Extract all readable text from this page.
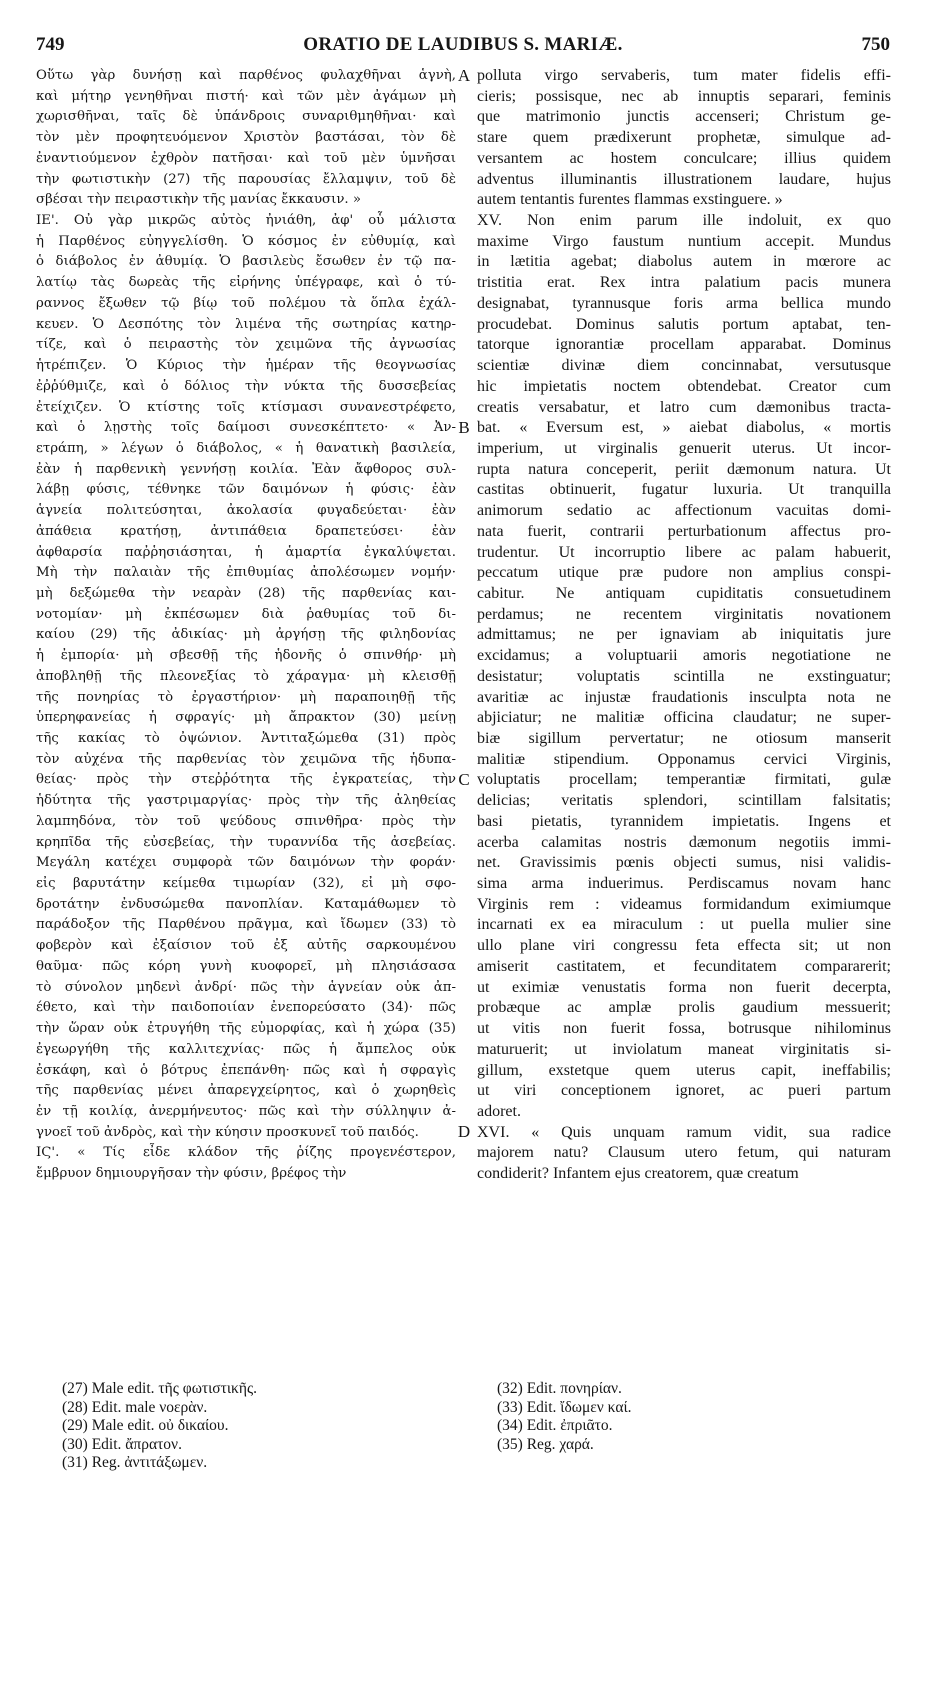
749	ORATIO DE LAUDIBUS S. MARIÆ.	750
Οὕτω γὰρ δυνήσῃ καὶ παρθένος φυλαχθῆναι ἁγνὴ,
καὶ μήτηρ γενηθῆναι πιστή· καὶ τῶν μὲν ἀγάμων μὴ
χωρισθῆναι, ταῖς δὲ ὑπάνδροις συναριθμηθῆναι· καὶ
τὸν μὲν προφητευόμενον Χριστὸν βαστάσαι, τὸν δὲ
ἐναντιούμενον ἐχθρὸν πατῆσαι· καὶ τοῦ μὲν ὑμνῆσαι
τὴν φωτιστικὴν (27) τῆς παρουσίας ἔλλαμψιν, τοῦ δὲ
σβέσαι τὴν πειραστικὴν τῆς μανίας ἔκκαυσιν. »
ΙΕ'. Οὐ γὰρ μικρῶς αὐτὸς ἠνιάθη, ἀφ' οὗ μάλιστα
ἡ Παρθένος εὐηγγελίσθη. Ὁ κόσμος ἐν εὐθυμίᾳ, καὶ
ὁ διάβολος ἐν ἀθυμίᾳ. Ὁ βασιλεὺς ἔσωθεν ἐν τῷ πα-
λατίῳ τὰς δωρεὰς τῆς εἰρήνης ὑπέγραφε, καὶ ὁ τύ-
ραννος ἔξωθεν τῷ βίῳ τοῦ πολέμου τὰ ὅπλα ἐχάλ-
κευεν. Ὁ Δεσπότης τὸν λιμένα τῆς σωτηρίας κατηρ-
τίζε, καὶ ὁ πειραστὴς τὸν χειμῶνα τῆς ἀγνωσίας
ἡτρέπιζεν. Ὁ Κύριος τὴν ἡμέραν τῆς θεογνωσίας
ἐῤῥύθμιζε, καὶ ὁ δόλιος τὴν νύκτα τῆς δυσσεβείας
ἐτείχιζεν. Ὁ κτίστης τοῖς κτίσμασι συνανεστρέφετο,
καὶ ὁ λῃστὴς τοῖς δαίμοσι συνεσκέπτετο· « Ἀν-
ετράπη, » λέγων ὁ διάβολος, « ἡ θανατικὴ βασιλεία,
ἐὰν ἡ παρθενικὴ γεννήσῃ κοιλία. Ἐὰν ἄφθορος συλ-
λάβῃ φύσις, τέθνηκε τῶν δαιμόνων ἡ φύσις· ἐὰν
ἁγνεία πολιτεύσηται, ἀκολασία φυγαδεύεται· ἐὰν
ἀπάθεια κρατήσῃ, ἀντιπάθεια δραπετεύσει· ἐὰν
ἀφθαρσία παῤῥησιάσηται, ἡ ἁμαρτία ἐγκαλύψεται.
Μὴ τὴν παλαιὰν τῆς ἐπιθυμίας ἀπολέσωμεν νομήν·
μὴ δεξώμεθα τὴν νεαρὰν (28) τῆς παρθενίας και-
νοτομίαν· μὴ ἐκπέσωμεν διὰ ῥαθυμίας τοῦ δι-
καίου (29) τῆς ἀδικίας· μὴ ἀργήσῃ τῆς φιληδονίας
ἡ ἐμπορία· μὴ σβεσθῇ τῆς ἡδονῆς ὁ σπινθήρ· μὴ
ἀποβληθῇ τῆς πλεονεξίας τὸ χάραγμα· μὴ κλεισθῇ
τῆς πονηρίας τὸ ἐργαστήριον· μὴ παραποιηθῇ τῆς
ὑπερηφανείας ἡ σφραγίς· μὴ ἄπρακτον (30) μείνῃ
τῆς κακίας τὸ ὀψώνιον. Ἀντιταξώμεθα (31) πρὸς
τὸν αὐχένα τῆς παρθενίας τὸν χειμῶνα τῆς ἡδυπα-
θείας· πρὸς τὴν στεῤῥότητα τῆς ἐγκρατείας, τὴν
ἡδύτητα τῆς γαστριμαργίας· πρὸς τὴν τῆς ἀληθείας
λαμπηδόνα, τὸν τοῦ ψεύδους σπινθῆρα· πρὸς τὴν
κρηπῖδα τῆς εὐσεβείας, τὴν τυραννίδα τῆς ἀσεβείας.
Μεγάλη κατέχει συμφορὰ τῶν δαιμόνων τὴν φοράν·
εἰς βαρυτάτην κείμεθα τιμωρίαν (32), εἰ μὴ σφο-
δροτάτην ἐνδυσώμεθα πανοπλίαν. Καταμάθωμεν τὸ
παράδοξον τῆς Παρθένου πρᾶγμα, καὶ ἴδωμεν (33) τὸ
φοβερὸν καὶ ἐξαίσιον τοῦ ἐξ αὐτῆς σαρκουμένου
θαῦμα· πῶς κόρη γυνὴ κυοφορεῖ, μὴ πλησιάσασα
τὸ σύνολον μηδενὶ ἀνδρί· πῶς τὴν ἁγνείαν οὐκ ἀπ-
έθετο, καὶ τὴν παιδοποιίαν ἐνεπορεύσατο (34)· πῶς
τὴν ὥραν οὐκ ἐτρυγήθη τῆς εὐμορφίας, καὶ ἡ χώρα (35)
ἐγεωργήθη τῆς καλλιτεχνίας· πῶς ἡ ἄμπελος οὐκ
ἐσκάφη, καὶ ὁ βότρυς ἐπεπάνθη· πῶς καὶ ἡ σφραγὶς
τῆς παρθενίας μένει ἀπαρεγχείρητος, καὶ ὁ χωρηθεὶς
ἐν τῇ κοιλίᾳ, ἀνερμήνευτος· πῶς καὶ τὴν σύλληψιν ἀ-
γνοεῖ τοῦ ἀνδρὸς, καὶ τὴν κύησιν προσκυνεῖ τοῦ παιδός.
ΙϚ'. « Τίς εἶδε κλάδον τῆς ῥίζης προγενέστερον,
ἔμβρυον δημιουργῆσαν τὴν φύσιν, βρέφος τὴν
polluta virgo servaberis, tum mater fidelis effi-
cieris; possisque, nec ab innuptis separari, feminis
que matrimonio junctis accenseri; Christum ge-
stare quem prædixerunt prophetæ, simulque ad-
versantem ac hostem conculcare; illius quidem
adventus illuminantis illustrationem laudare, hujus
autem tentantis furentes flammas exstinguere. »
XV. Non enim parum ille indoluit, ex quo
maxime Virgo faustum nuntium accepit. Mundus
in lætitia agebat; diabolus autem in mœrore ac
tristitia erat. Rex intra palatium pacis munera
designabat, tyrannusque foris arma bellica mundo
procudebat. Dominus salutis portum aptabat, ten-
tatorque ignorantiæ procellam apparabat. Dominus
scientiæ divinæ diem concinnabat, versutusque
hic impietatis noctem obtendebat. Creator cum
creatis versabatur, et latro cum dæmonibus tracta-
bat. « Eversum est, » aiebat diabolus, « mortis
imperium, ut virginalis genuerit uterus. Ut incor-
rupta natura conceperit, periit dæmonum natura. Ut
castitas obtinuerit, fugatur luxuria. Ut tranquilla
animorum sedatio ac affectionum vacuitas domi-
nata fuerit, contrarii perturbationum affectus pro-
trudentur. Ut incorruptio libere ac palam habuerit,
peccatum utique præ pudore non amplius conspi-
cabitur. Ne antiquam cupiditatis consuetudinem
perdamus; ne recentem virginitatis novationem
admittamus; ne per ignaviam ab iniquitatis jure
excidamus; a voluptuarii amoris negotiatione ne
desistatur; voluptatis scintilla ne exstinguatur;
avaritiæ ac injustæ fraudationis insculpta nota ne
abjiciatur; ne malitiæ officina claudatur; ne super-
biæ sigillum pervertatur; ne otiosum manserit
malitiæ stipendium. Opponamus cervici Virginis,
voluptatis procellam; temperantiæ firmitati, gulæ
delicias; veritatis splendori, scintillam falsitatis;
basi pietatis, tyrannidem impietatis. Ingens et
acerba calamitas nostris dæmonum negotiis immi-
net. Gravissimis pœnis objecti sumus, nisi validis-
sima arma induerimus. Perdiscamus novam hanc
Virginis rem : videamus formidandum eximiumque
incarnati ex ea miraculum : ut puella mulier sine
ullo plane viri congressu feta effecta sit; ut non
amiserit castitatem, et fecunditatem compararerit;
ut eximiæ venustatis forma non fuerit decerpta,
probæque ac amplæ prolis gaudium messuerit;
ut vitis non fuerit fossa, botrusque nihilominus
maturuerit; ut inviolatum maneat virginitatis si-
gillum, exstetque quem uterus capit, ineffabilis;
ut viri conceptionem ignoret, ac pueri partum
adoret.
XVI. « Quis unquam ramum vidit, sua radice
majorem natu? Clausum utero fetum, qui naturam
condiderit? Infantem ejus creatorem, quæ creatum
A
B
C
D
(27) Male edit. τῆς φωτιστικῆς.
(28) Edit. male νοερὰν.
(29) Male edit. οὐ δικαίου.
(30) Edit. ἄπρατον.
(31) Reg. ἀντιτάξωμεν.
(32) Edit. πονηρίαν.
(33) Edit. ἴδωμεν καί.
(34) Edit. ἐπριᾶτο.
(35) Reg. χαρά.
